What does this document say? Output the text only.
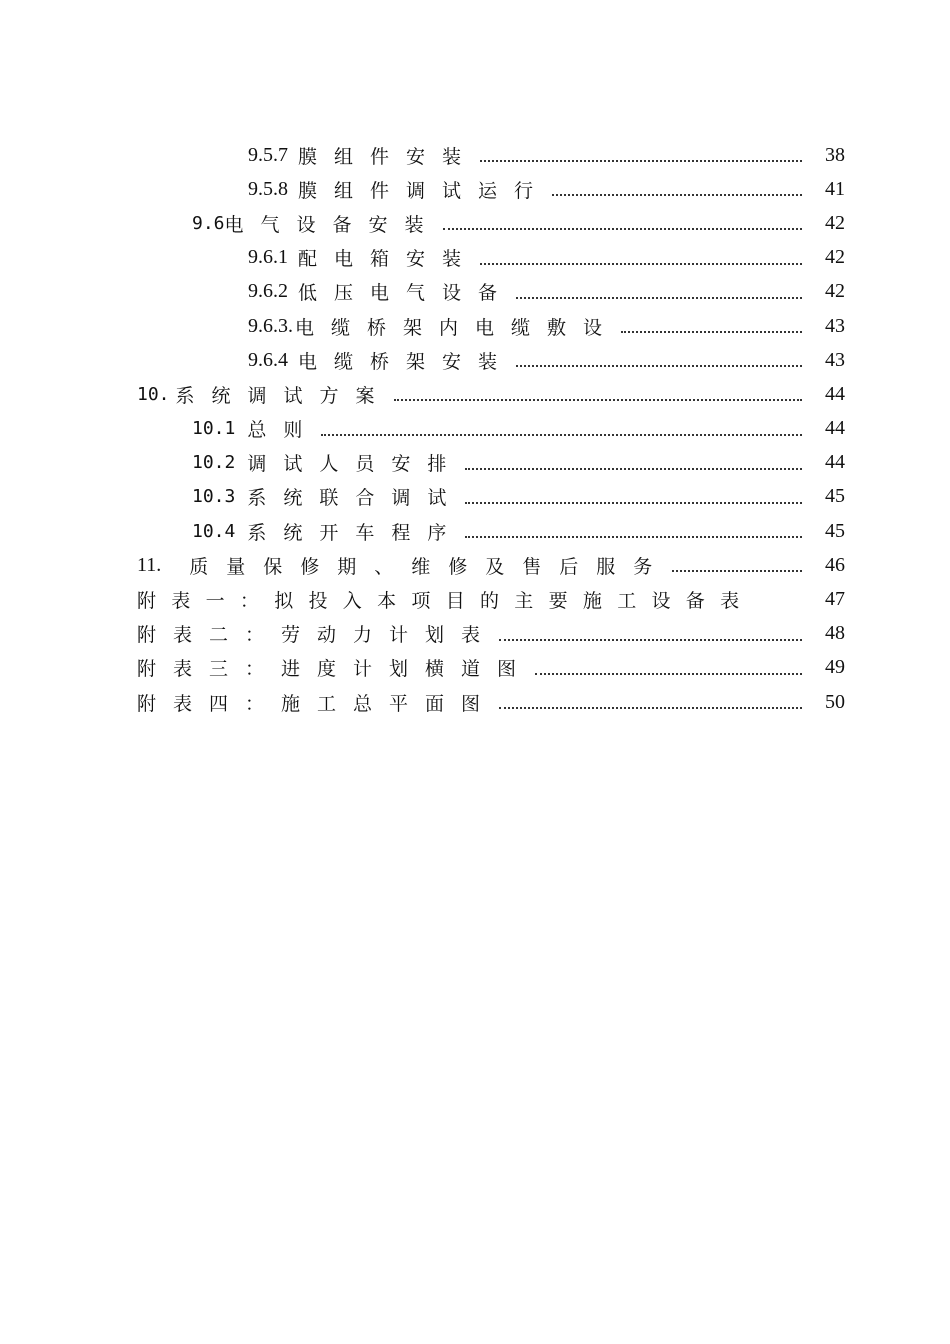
9.5.7 膜组件安装	38
9.5.8 膜组件调试运行	41
9.6 电气设备安装	42
9.6.1 配电箱安装	42
9.6.2 低压电气设备	42
9.6.3. 电缆桥架内电缆敷设	43
9.6.4 电缆桥架安装	43
10. 系统调试方案	44
10.1 总则	44
10.2 调试人员安排	44
10.3 系统联合调试	45
10.4 系统开车程序	45
11. 质量保修期、维修及售后服务	46
附表一：拟投入本项目的主要施工设备表	47
附表二：劳动力计划表	48
附表三：进度计划横道图	49
附表四：施工总平面图	50
